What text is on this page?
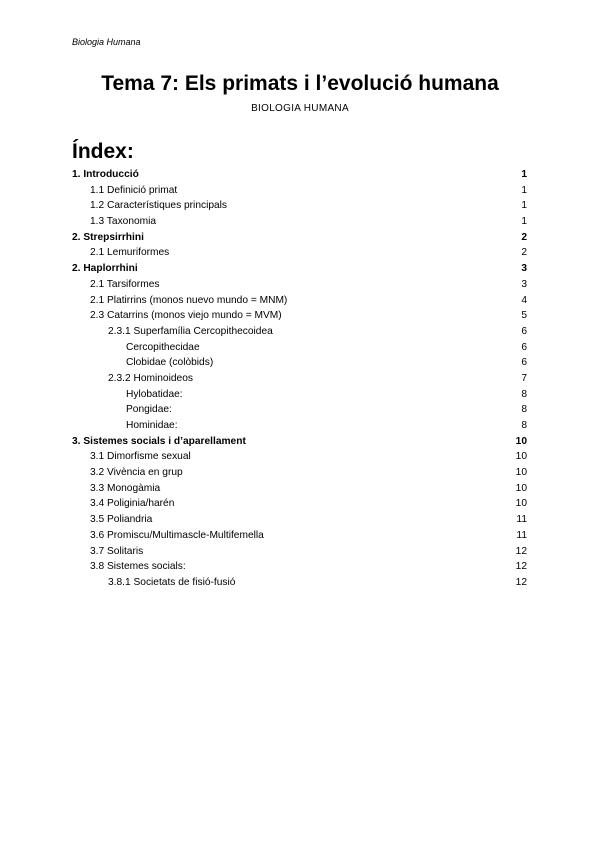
Biologia Humana
Tema 7: Els primats i l’evolució humana
BIOLOGIA HUMANA
Índex:
1. Introducció	1
1.1 Definició primat	1
1.2 Característiques principals	1
1.3 Taxonomia	1
2. Strepsirrhini	2
2.1 Lemuriformes	2
2. Haplorrhini	3
2.1 Tarsiformes	3
2.1 Platirrins (monos nuevo mundo = MNM)	4
2.3 Catarrins (monos viejo mundo = MVM)	5
2.3.1 Superfamília Cercopithecoidea	6
Cercopithecidae	6
Clobidae (colòbids)	6
2.3.2 Hominoideos	7
Hylobatidae:	8
Pongidae:	8
Hominidae:	8
3. Sistemes socials i d’aparellament	10
3.1 Dimorfisme sexual	10
3.2 Vivència en grup	10
3.3 Monogàmia	10
3.4 Poliginia/harén	10
3.5 Poliandria	11
3.6 Promiscu/Multimascle-Multifemella	11
3.7 Solitaris	12
3.8 Sistemes socials:	12
3.8.1 Societats de fisió-fusió	12
